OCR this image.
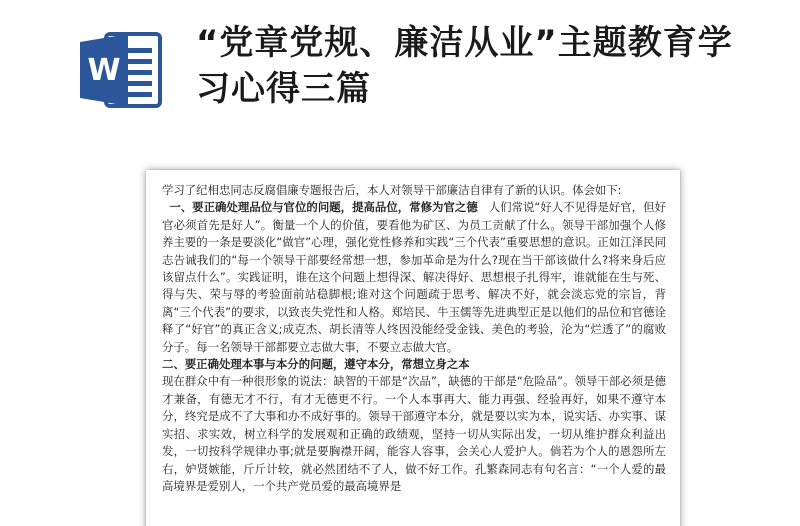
W
“党章党规、廉洁从业”主题教育学习心得三篇

学习了纪相忠同志反腐倡廉专题报告后，本人对领导干部廉洁自律有了新的认识。体会如下:

一、要正确处理品位与官位的问题，提高品位，常修为官之德 人们常说“好人不见得是好官，但好官必须首先是好人”。衡量一个人的价值，要看他为矿区、为员工贡献了什么。领导干部加强个人修养主要的一条是要淡化“做官”心理，强化党性修养和实践“三个代表”重要思想的意识。正如江泽民同志告诫我们的“每一个领导干部要经常想一想，参加革命是为什么?现在当干部该做什么?将来身后应该留点什么”。实践证明，谁在这个问题上想得深、解决得好、思想根子扎得牢，谁就能在生与死、得与失、荣与辱的考验面前站稳脚根;谁对这个问题疏于思考、解决不好，就会淡忘党的宗旨，背离“三个代表”的要求，以致丧失党性和人格。郑培民、牛玉儒等先进典型正是以他们的品位和官德诠释了“好官”的真正含义;成克杰、胡长清等人终因没能经受金钱、美色的考验，沦为“烂透了”的腐败分子。每一名领导干部都要立志做大事，不要立志做大官。

二、要正确处理本事与本分的问题，遵守本分，常想立身之本

现在群众中有一种很形象的说法：缺智的干部是“次品”，缺德的干部是“危险品”。领导干部必须是德才兼备，有德无才不行，有才无德更不行。一个人本事再大、能力再强、经验再好，如果不遵守本分，终究是成不了大事和办不成好事的。领导干部遵守本分，就是要以实为本，说实话、办实事、谋实招、求实效，树立科学的发展观和正确的政绩观，坚持一切从实际出发，一切从维护群众利益出发，一切按科学规律办事;就是要胸襟开阔，能容人容事，会关心人爱护人。倘若为个人的恩怨所左右，妒贤嫉能，斤斤计较，就必然团结不了人，做不好工作。孔繁森同志有句名言：“一个人爱的最高境界是爱别人，一个共产党员爱的最高境界是
